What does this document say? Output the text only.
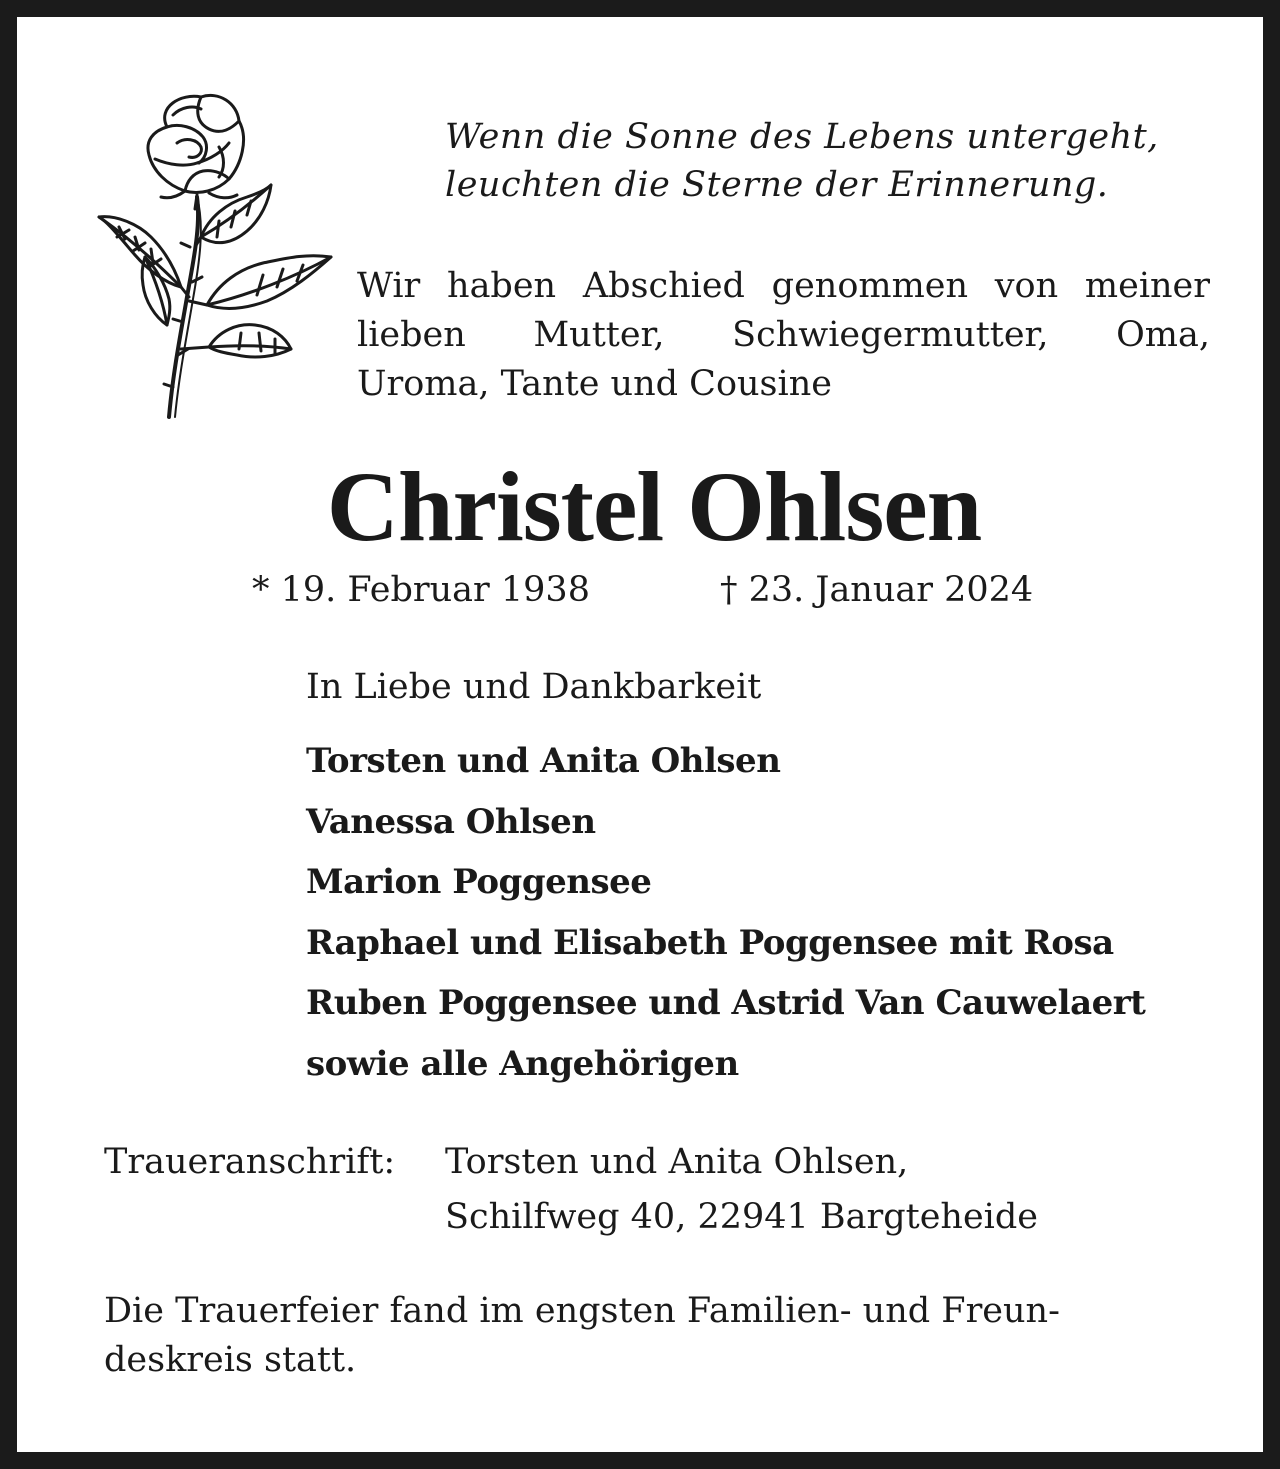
Wenn die Sonne des Lebens untergeht,
leuchten die Sterne der Erinnerung.
Wir haben Abschied genommen von meiner
lieben Mutter, Schwiegermutter, Oma,
Uroma, Tante und Cousine
Christel Ohlsen
* 19. Februar 1938	† 23. Januar 2024
In Liebe und Dankbarkeit
Torsten und Anita Ohlsen
Vanessa Ohlsen
Marion Poggensee
Raphael und Elisabeth Poggensee mit Rosa
Ruben Poggensee und Astrid Van Cauwelaert
sowie alle Angehörigen
Traueranschrift: Torsten und Anita Ohlsen,
Schilfweg 40, 22941 Bargteheide
Die Trauerfeier fand im engsten Familien- und Freun-
deskreis statt.
